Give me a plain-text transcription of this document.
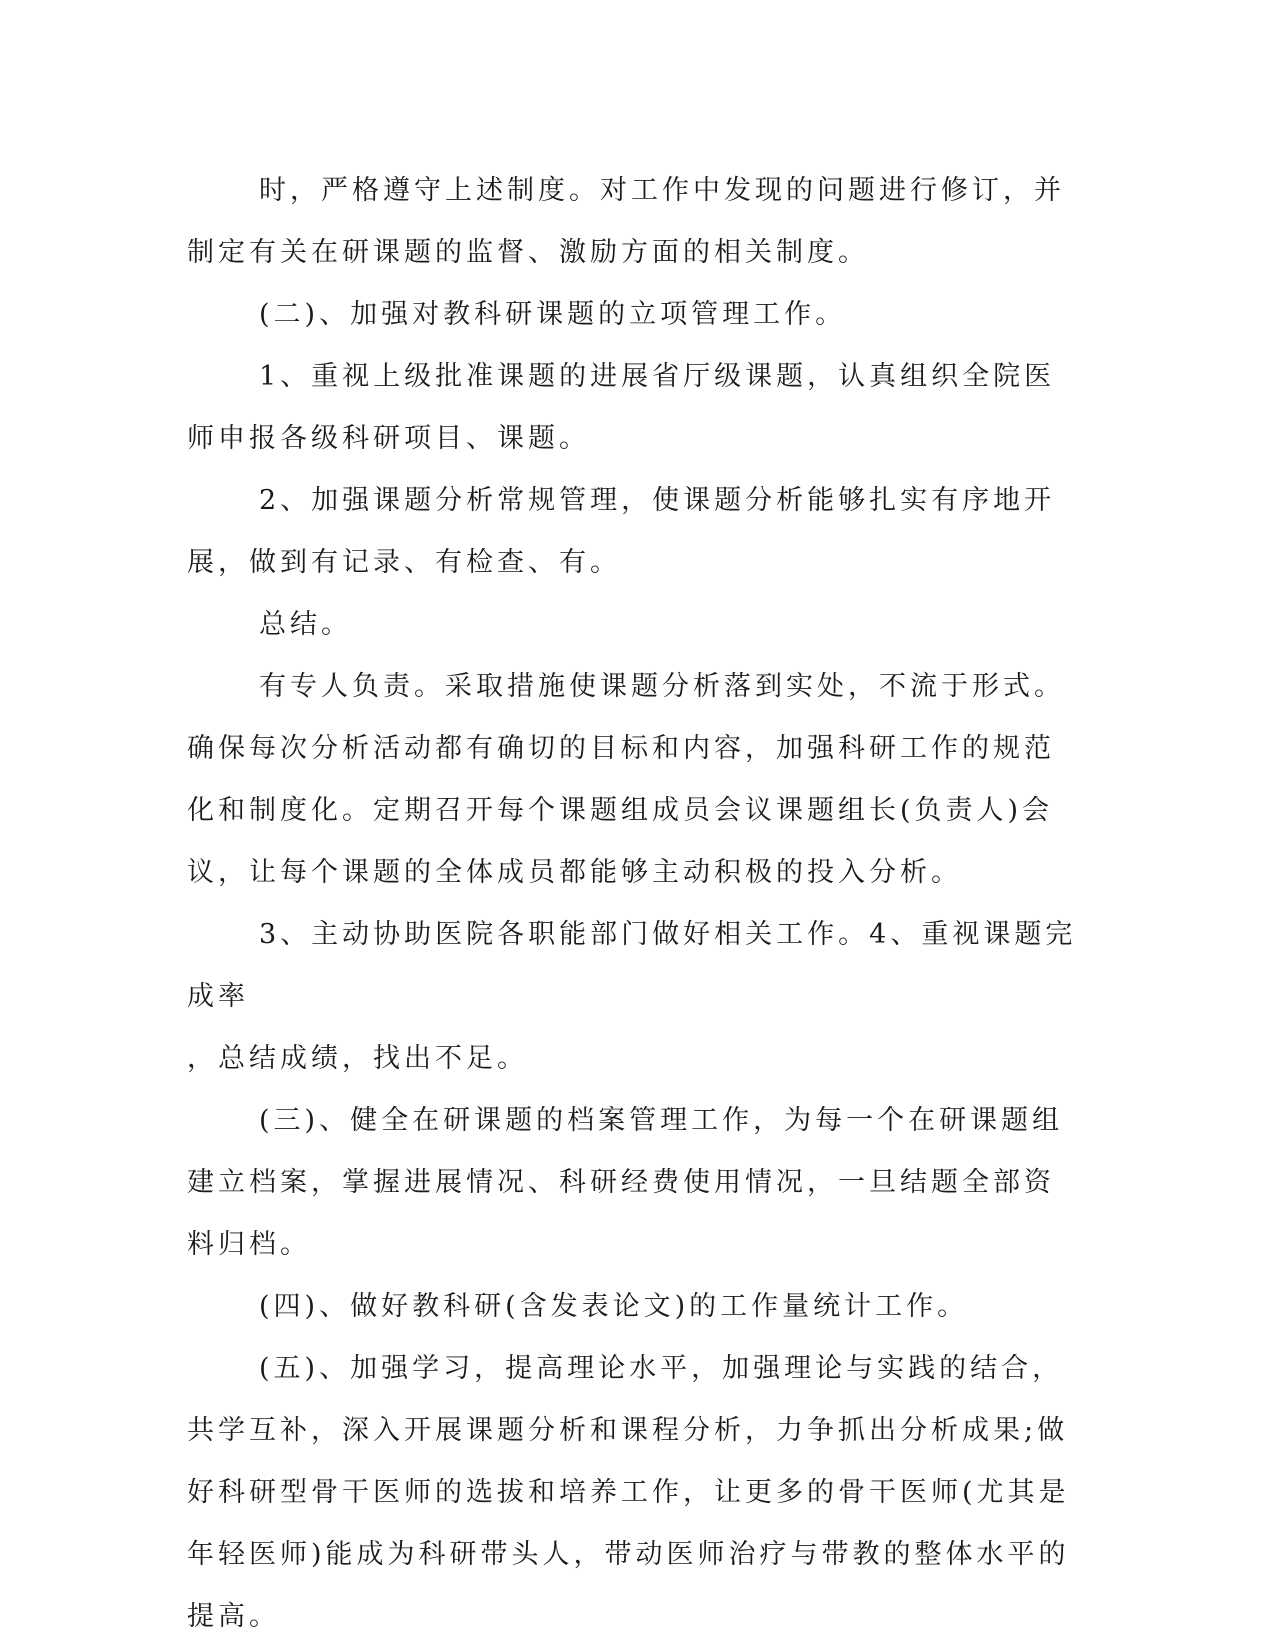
时，严格遵守上述制度。对工作中发现的问题进行修订，并制定有关在研课题的监督、激励方面的相关制度。

(二)、加强对教科研课题的立项管理工作。

1、重视上级批准课题的进展省厅级课题，认真组织全院医师申报各级科研项目、课题。

2、加强课题分析常规管理，使课题分析能够扎实有序地开展，做到有记录、有检查、有。

总结。

有专人负责。采取措施使课题分析落到实处，不流于形式。确保每次分析活动都有确切的目标和内容，加强科研工作的规范化和制度化。定期召开每个课题组成员会议课题组长(负责人)会议，让每个课题的全体成员都能够主动积极的投入分析。

3、主动协助医院各职能部门做好相关工作。4、重视课题完成率

，总结成绩，找出不足。

(三)、健全在研课题的档案管理工作，为每一个在研课题组建立档案，掌握进展情况、科研经费使用情况，一旦结题全部资料归档。

(四)、做好教科研(含发表论文)的工作量统计工作。

(五)、加强学习，提高理论水平，加强理论与实践的结合，共学互补，深入开展课题分析和课程分析，力争抓出分析成果;做好科研型骨干医师的选拔和培养工作，让更多的骨干医师(尤其是年轻医师)能成为科研带头人，带动医师治疗与带教的整体水平的提高。
